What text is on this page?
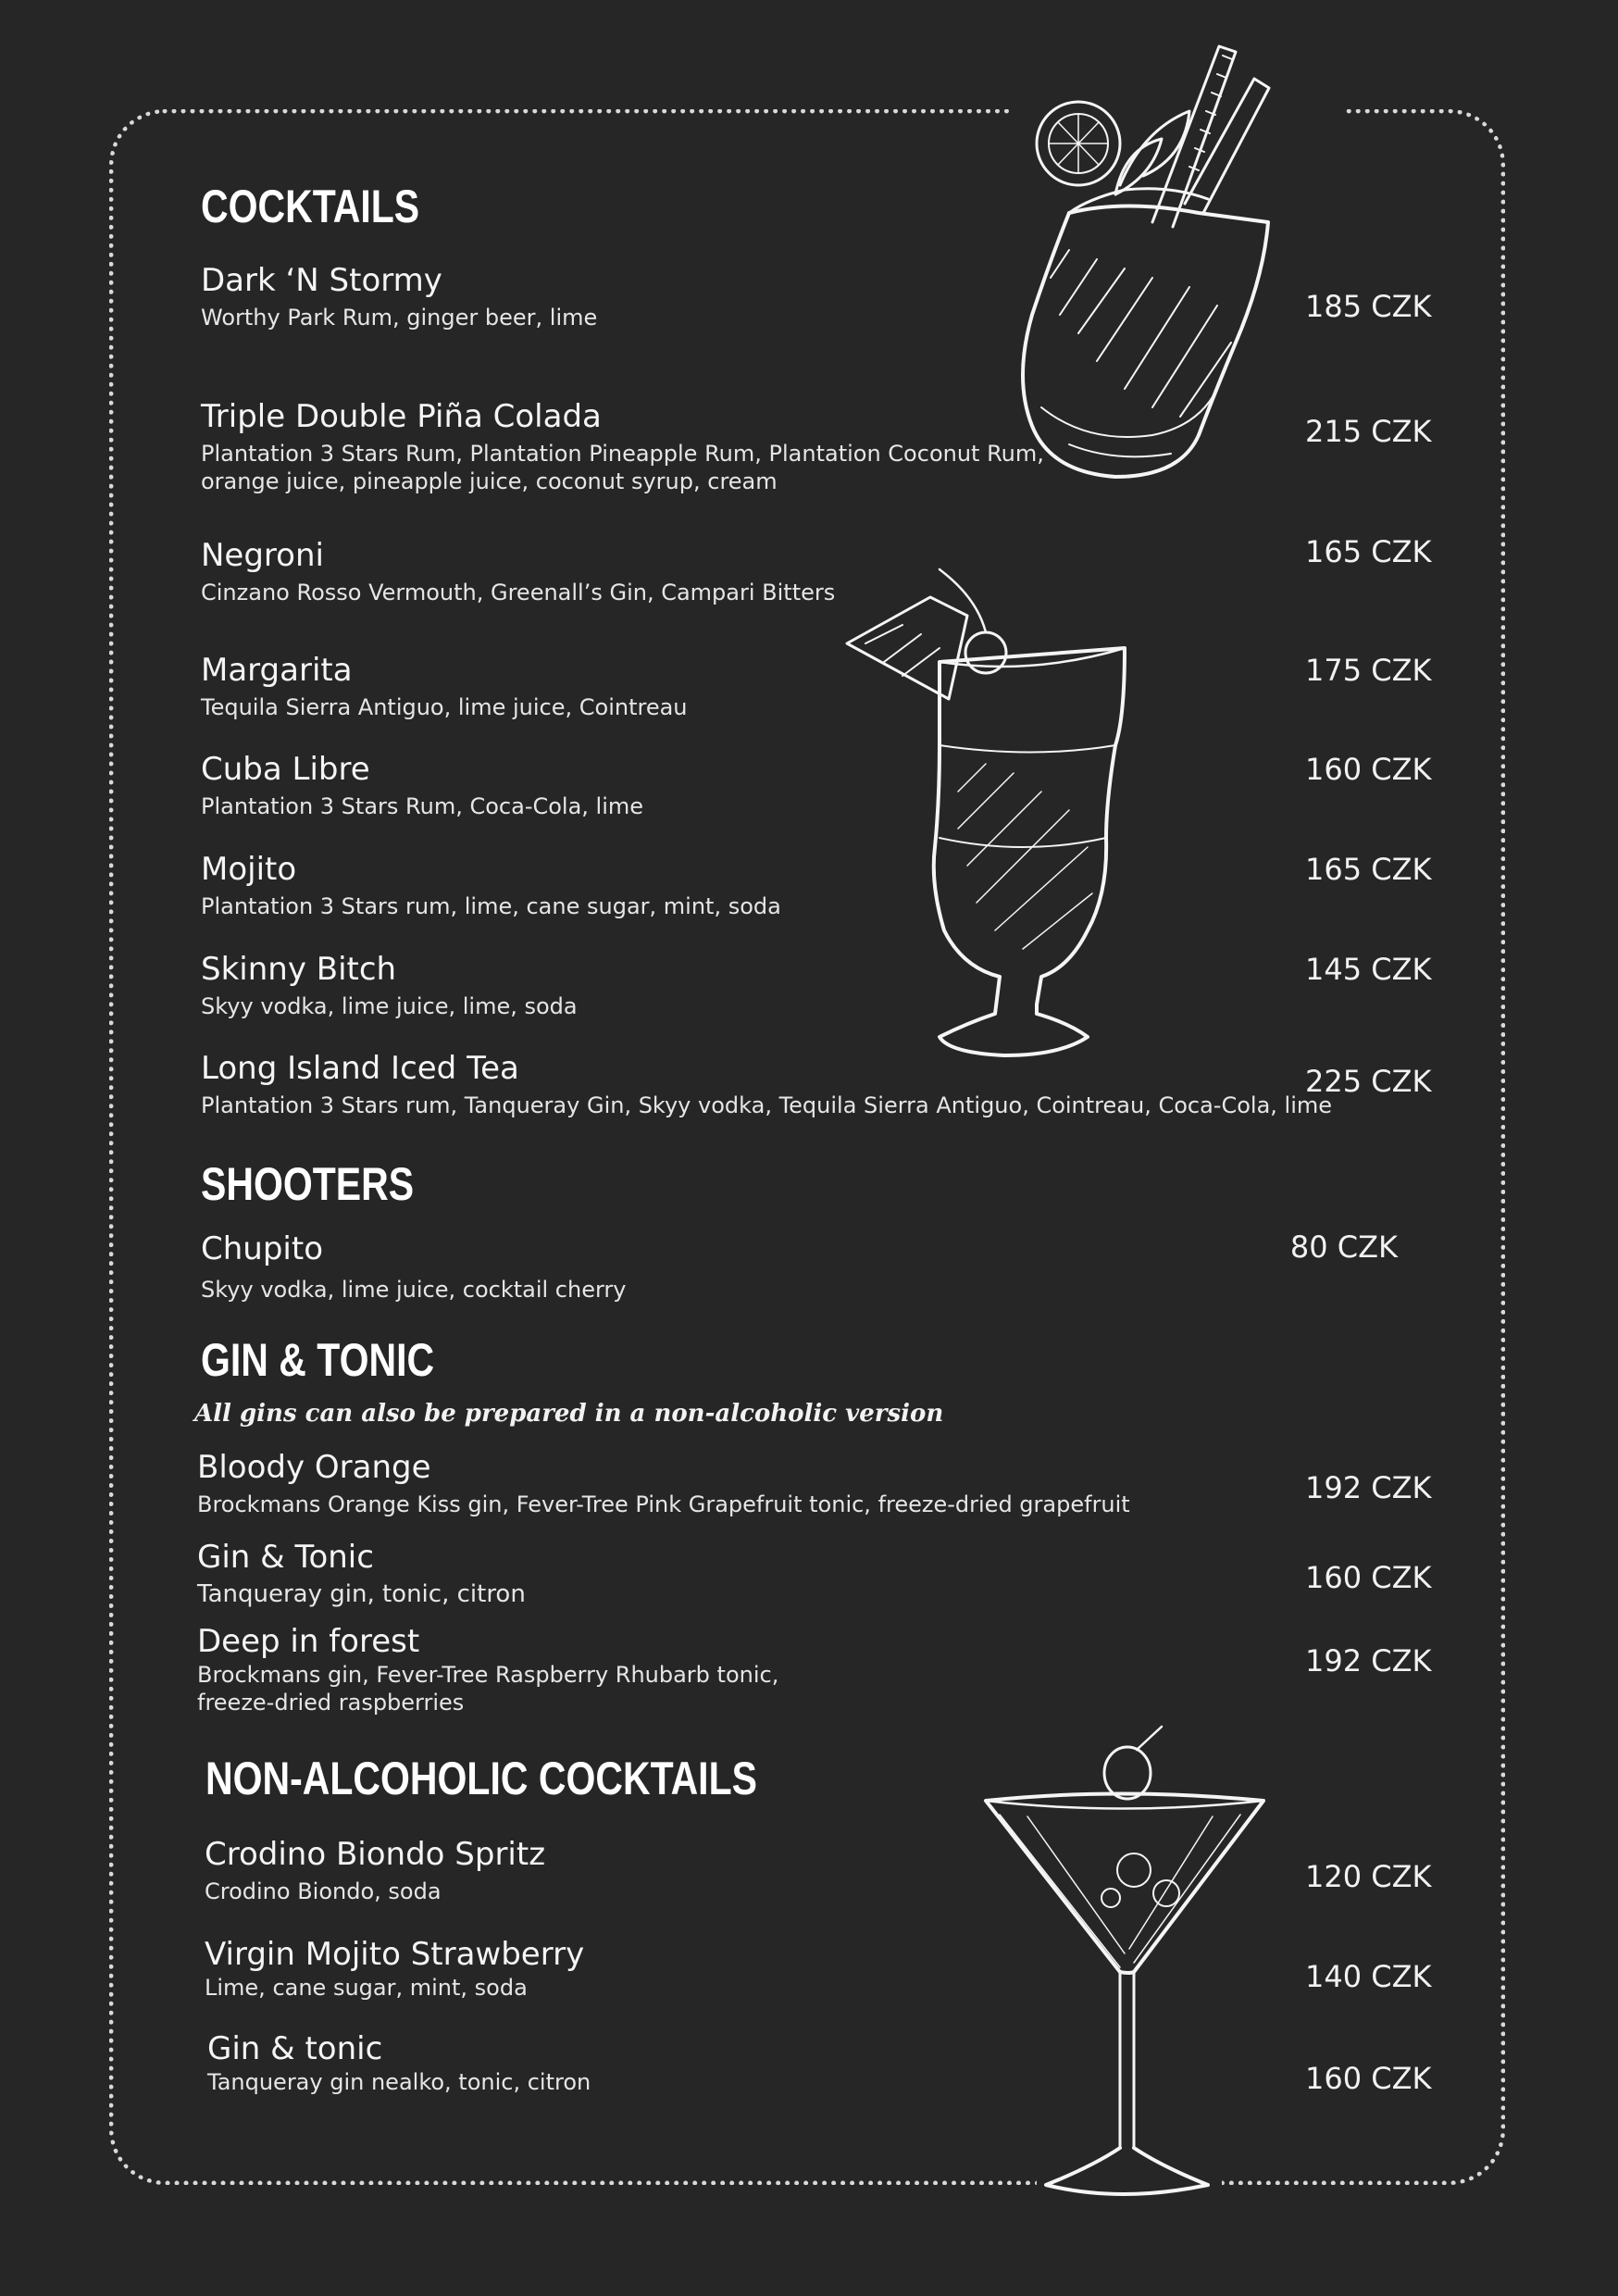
COCKTAILS
Dark ‘N Stormy
Worthy Park Rum, ginger beer, lime	185 CZK
Triple Double Piña Colada
Plantation 3 Stars Rum, Plantation Pineapple Rum, Plantation Coconut Rum,
orange juice, pineapple juice, coconut syrup, cream
215 CZK
Negroni
Cinzano Rosso Vermouth, Greenall’s Gin, Campari Bitters
165 CZK
Margarita
Tequila Sierra Antiguo, lime juice, Cointreau
175 CZK
Cuba Libre
Plantation 3 Stars Rum, Coca-Cola, lime
160 CZK
Mojito
Plantation 3 Stars rum, lime, cane sugar, mint, soda
165 CZK
Skinny Bitch
Skyy vodka, lime juice, lime, soda
145 CZK
Long Island Iced Tea
Plantation 3 Stars rum, Tanqueray Gin, Skyy vodka, Tequila Sierra Antiguo, Cointreau, Coca-Cola, lime
225 CZK
SHOOTERS
Chupito
Skyy vodka, lime juice, cocktail cherry
80 CZK
GIN & TONIC
All gins can also be prepared in a non-alcoholic version
Bloody Orange
Brockmans Orange Kiss gin, Fever-Tree Pink Grapefruit tonic, freeze-dried grapefruit	192 CZK
Gin & Tonic
Tanqueray gin, tonic, citron	160 CZK
Deep in forest
Brockmans gin, Fever-Tree Raspberry Rhubarb tonic,
freeze-dried raspberries
192 CZK
NON-ALCOHOLIC COCKTAILS
Crodino Biondo Spritz
Crodino Biondo, soda	120 CZK
Virgin Mojito Strawberry
Lime, cane sugar, mint, soda	140 CZK
Gin & tonic
Tanqueray gin nealko, tonic, citron	160 CZK
